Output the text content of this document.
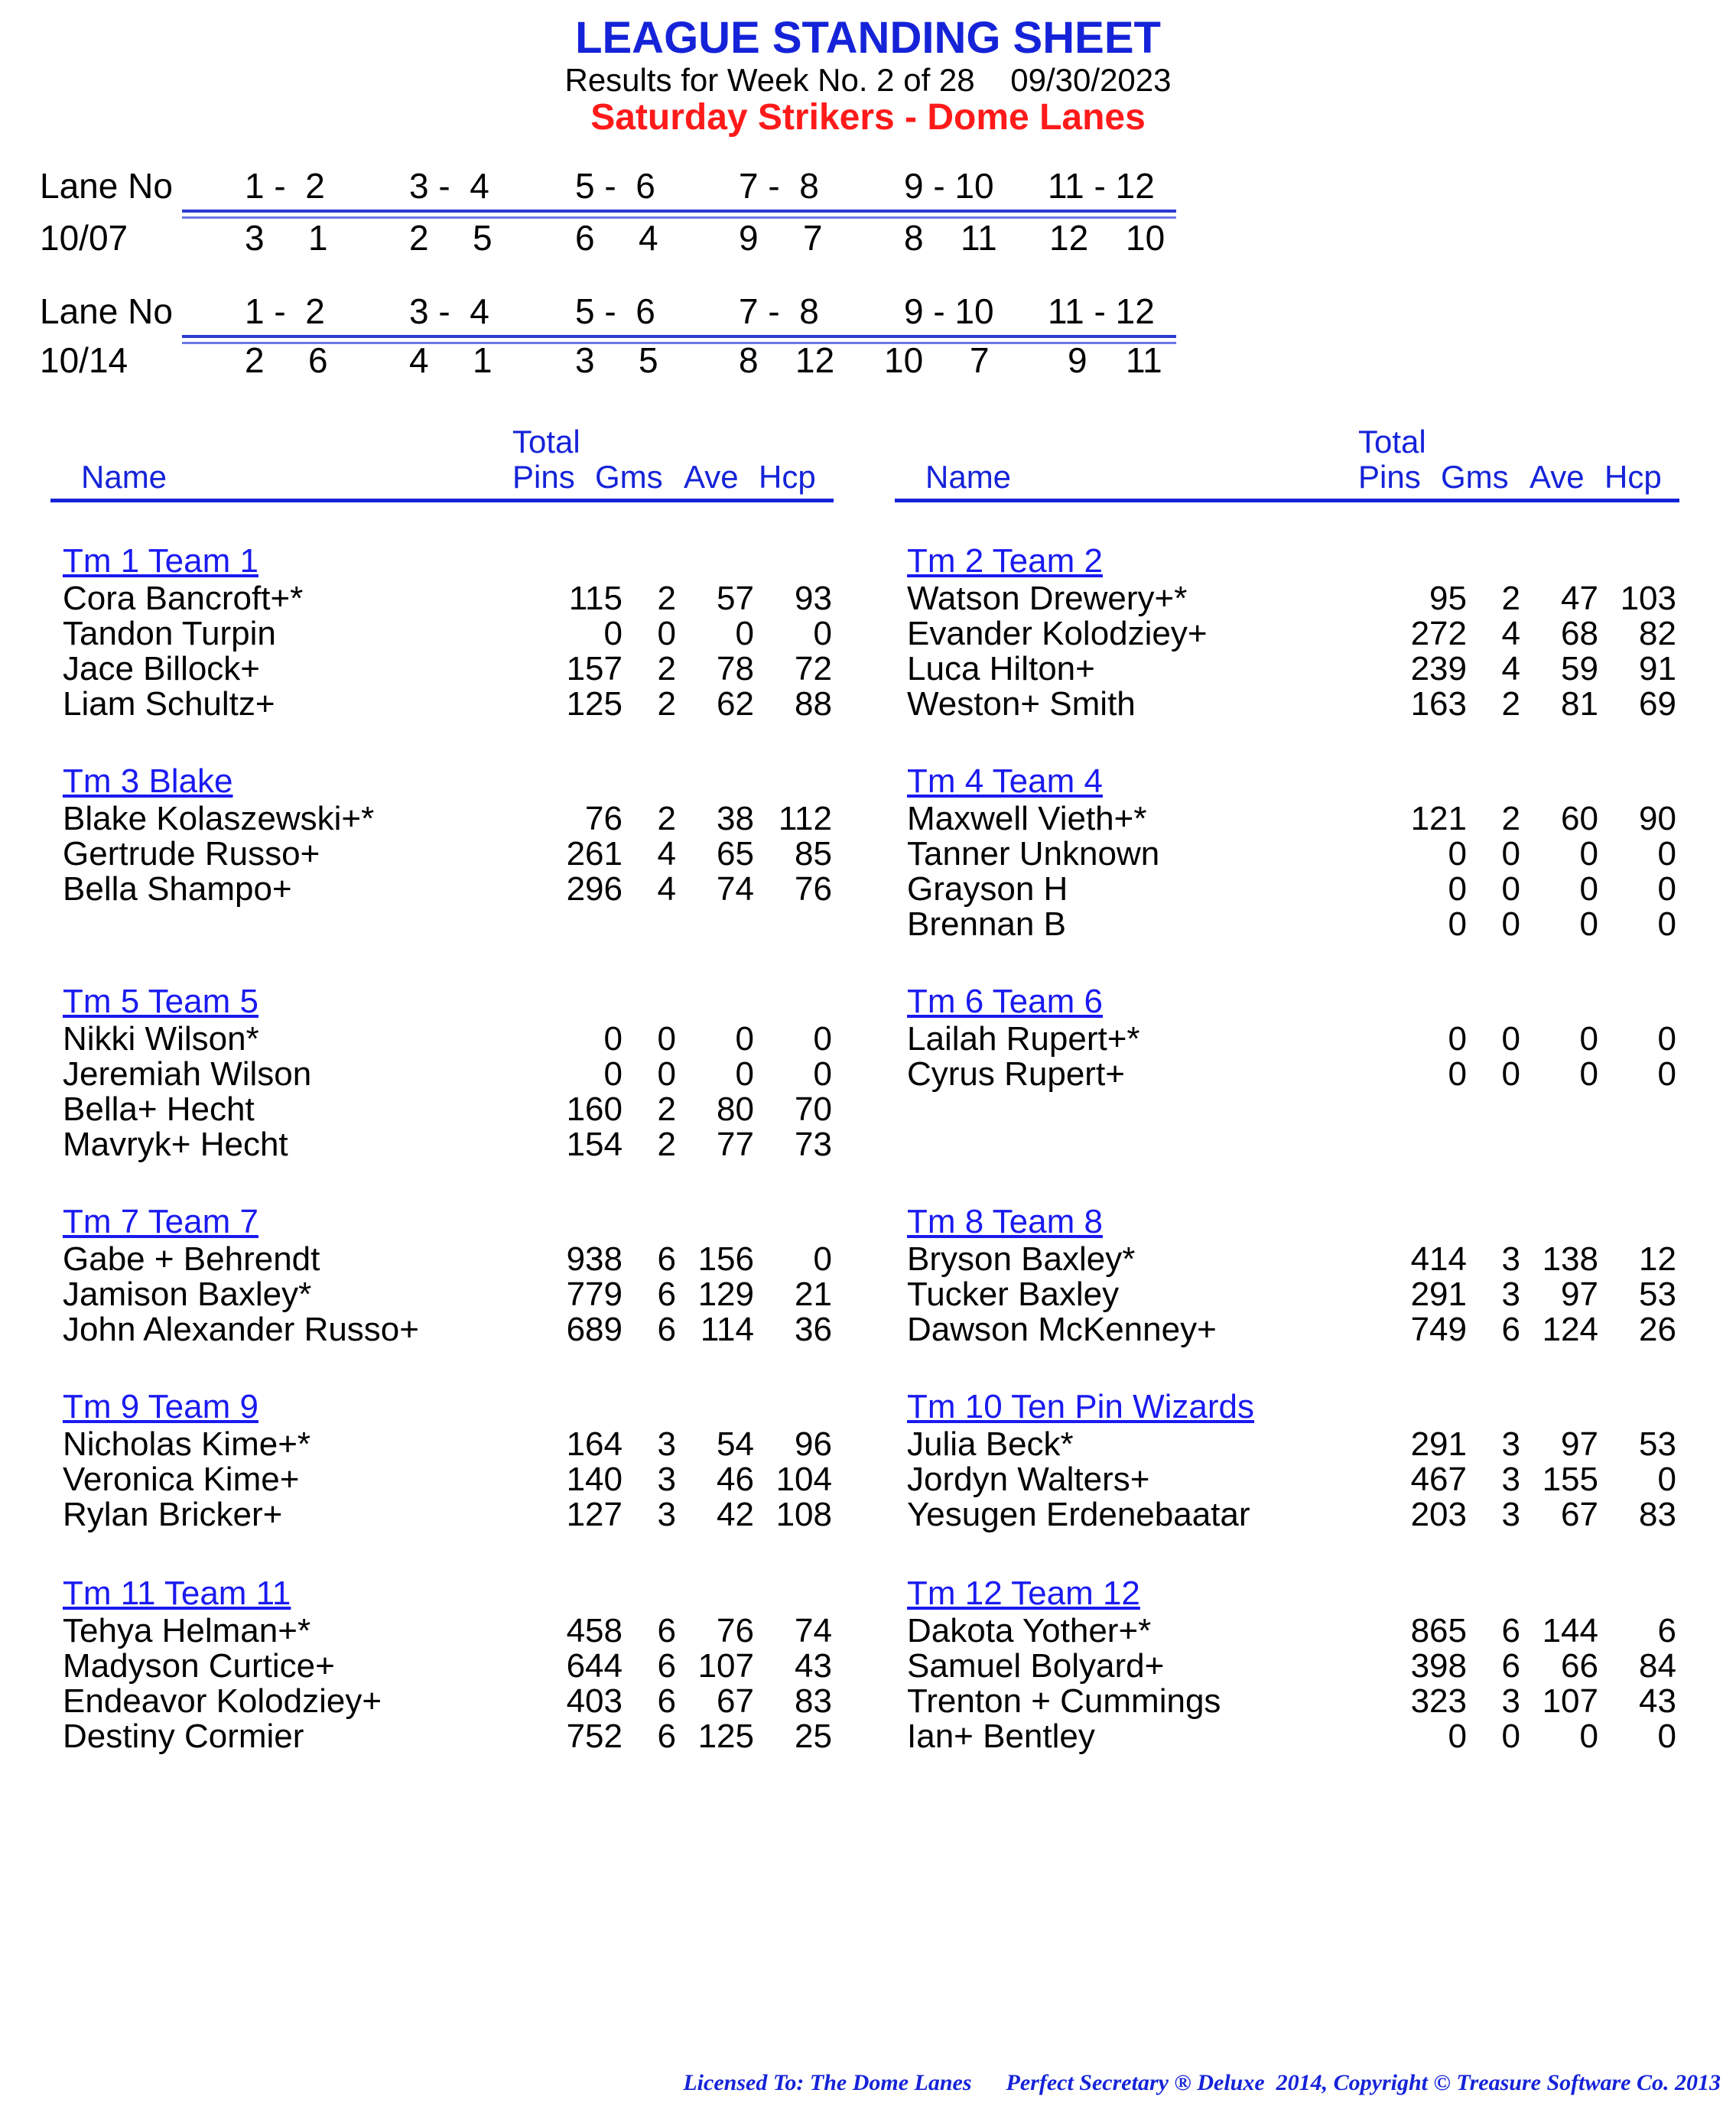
LEAGUE STANDING SHEET
Results for Week No. 2 of 28    09/30/2023
Saturday Strikers - Dome Lanes
Lane No 1 -  2 3 -  4 5 -  6 7 -  8 9 - 10 11 - 12
10/07	3 1 2 5 6 4 9 7 8 11 12 10
Lane No 1 -  2 3 -  4 5 -  6 7 -  8 9 - 10 11 - 12
10/14	2 6 4 1 3 5 8 12 10 7 9 11
Total
Name	Pins Gms Ave Hcp
Total
Name	Pins Gms Ave Hcp
Tm 1 Team 1
Cora Bancroft+*	115 2 57 93
Tandon Turpin	0 0 0 0
Jace Billock+	157 2 78 72
Liam Schultz+	125 2 62 88
Tm 2 Team 2
Watson Drewery+*	95 2 47 103
Evander Kolodziey+	272 4 68 82
Luca Hilton+	239 4 59 91
Weston+ Smith	163 2 81 69
Tm 3 Blake
Blake Kolaszewski+*	76 2 38 112
Gertrude Russo+	261 4 65 85
Bella Shampo+	296 4 74 76
Tm 4 Team 4
Maxwell Vieth+*	121 2 60 90
Tanner Unknown	0 0 0 0
Grayson H	0 0 0 0
Brennan B	0 0 0 0
Tm 5 Team 5
Nikki Wilson*	0 0 0 0
Jeremiah Wilson	0 0 0 0
Bella+ Hecht	160 2 80 70
Mavryk+ Hecht	154 2 77 73
Tm 6 Team 6
Lailah Rupert+*	0 0 0 0
Cyrus Rupert+	0 0 0 0
Tm 7 Team 7
Gabe + Behrendt	938 6 156 0
Jamison Baxley*	779 6 129 21
John Alexander Russo+	689 6 114 36
Tm 8 Team 8
Bryson Baxley*	414 3 138 12
Tucker Baxley	291 3 97 53
Dawson McKenney+	749 6 124 26
Tm 9 Team 9
Nicholas Kime+*	164 3 54 96
Veronica Kime+	140 3 46 104
Rylan Bricker+	127 3 42 108
Tm 10 Ten Pin Wizards
Julia Beck*	291 3 97 53
Jordyn Walters+	467 3 155 0
Yesugen Erdenebaatar	203 3 67 83
Tm 11 Team 11
Tehya Helman+*	458 6 76 74
Madyson Curtice+	644 6 107 43
Endeavor Kolodziey+	403 6 67 83
Destiny Cormier	752 6 125 25
Tm 12 Team 12
Dakota Yother+*	865 6 144 6
Samuel Bolyard+	398 6 66 84
Trenton + Cummings	323 3 107 43
Ian+ Bentley	0 0 0 0
Licensed To: The Dome Lanes      Perfect Secretary ® Deluxe  2014, Copyright © Treasure Software Co. 2013
